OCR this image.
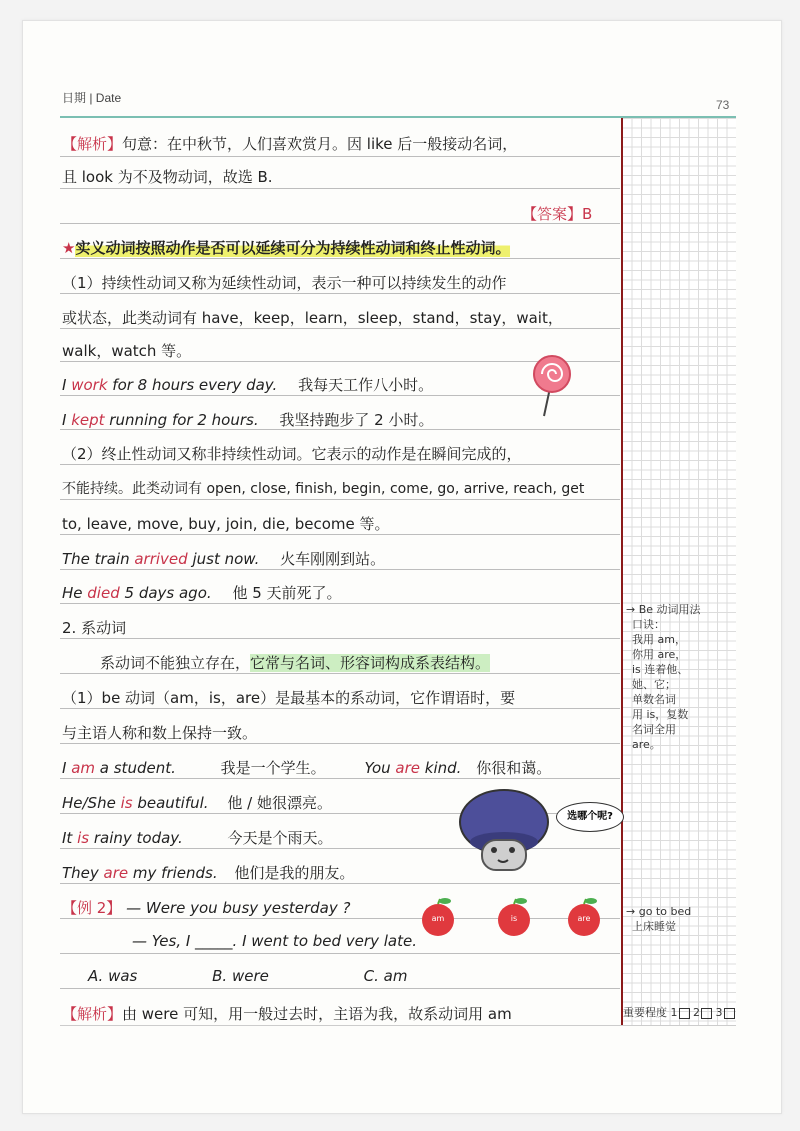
日期 | Date	73
【解析】句意：在中秋节，人们喜欢赏月。因 like 后一般接动名词，
且 look 为不及物动词，故选 B.
【答案】B
★实义动词按照动作是否可以延续可分为持续性动词和终止性动词。
（1）持续性动词又称为延续性动词，表示一种可以持续发生的动作
或状态，此类动词有 have，keep，learn，sleep，stand，stay，wait，
walk，watch 等。
I work for 8 hours every day. 我每天工作八小时。
I kept running for 2 hours. 我坚持跑步了 2 小时。
（2）终止性动词又称非持续性动词。它表示的动作是在瞬间完成的，
不能持续。此类动词有 open, close, finish, begin, come, go, arrive, reach, get
to, leave, move, buy, join, die, become 等。
The train arrived just now. 火车刚刚到站。
He died 5 days ago. 他 5 天前死了。
2. 系动词
系动词不能独立存在，它常与名词、形容词构成系表结构。
（1）be 动词（am，is，are）是最基本的系动词，它作谓语时，要
与主语人称和数上保持一致。
I am a student.	我是一个学生。	You are kind. 你很和蔼。
He/She is beautiful. 他 / 她很漂亮。
It is rainy today.	今天是个雨天。
They are my friends. 他们是我的朋友。
【例 2】 — Were you busy yesterday ?
— Yes, I _____. I went to bed very late.
A. was	B. were	C. am
【解析】由 were 可知，用一般过去时，主语为我，故系动词用 am
→ Be 动词用法
口诀：
我用 am，
你用 are，
is 连着他、
她、它；
单数名词
用 is，复数
名词全用
are。
→ go to bed
上床睡觉
重要程度 1 2 3
选哪个呢?
am	is	are
